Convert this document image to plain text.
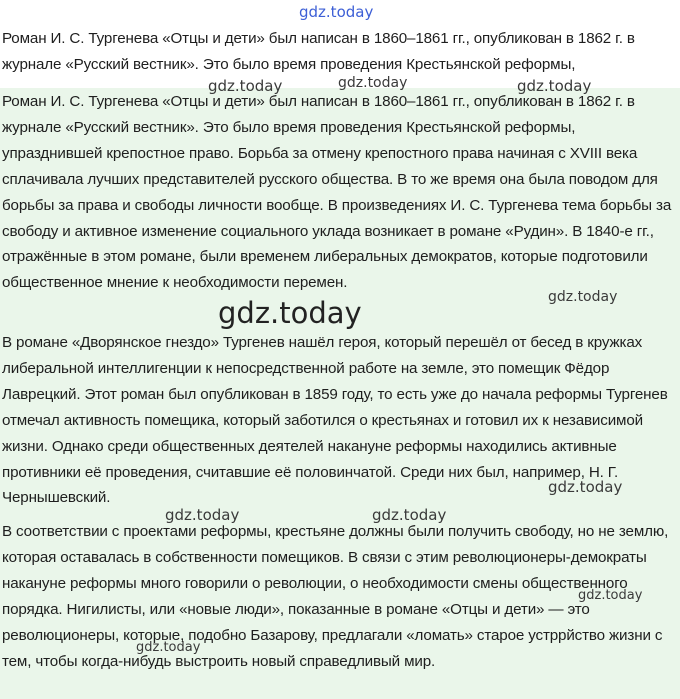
Роман И. С. Тургенева «Отцы и дети» был написан в 1860–1861 гг., опубликован в 1862 г. в
журнале «Русский вестник». Это было время проведения Крестьянской реформы,

Роман И. С. Тургенева «Отцы и дети» был написан в 1860–1861 гг., опубликован в 1862 г. в журнале «Русский вестник». Это было время проведения Крестьянской реформы, упразднившей крепостное право. Борьба за отмену крепостного права начиная с XVIII века сплачивала лучших представителей русского общества. В то же время она была поводом для борьбы за права и свободы личности вообще. В произведениях И. С. Тургенева тема борьбы за свободу и активное изменение социального уклада возникает в романе «Рудин». В 1840-е гг., отражённые в этом романе, были временем либеральных демократов, которые подготовили общественное мнение к необходимости перемен.

В романе «Дворянское гнездо» Тургенев нашёл героя, который перешёл от бесед в кружках либеральной интеллигенции к непосредственной работе на земле, это помещик Фёдор Лаврецкий. Этот роман был опубликован в 1859 году, то есть уже до начала реформы Тургенев отмечал активность помещика, который заботился о крестьянах и готовил их к независимой жизни. Однако среди общественных деятелей накануне реформы находились активные противники её проведения, считавшие её половинчатой. Среди них был, например, Н. Г. Чернышевский.

В соответствии с проектами реформы, крестьяне должны были получить свободу, но не землю, которая оставалась в собственности помещиков. В связи с этим революционеры-демократы накануне реформы много говорили о революции, о необходимости смены общественного порядка. Нигилисты, или «новые люди», показанные в романе «Отцы и дети» — это революционеры, которые, подобно Базарову, предлагали «ломать» старое устррйство жизни с тем, чтобы когда-нибудь выстроить новый справедливый мир.

gdz.today
gdz.today
gdz.today	gdz.today
gdz.today
gdz.today
gdz.today
gdz.today	gdz.today
gdz.today
gdz.today
